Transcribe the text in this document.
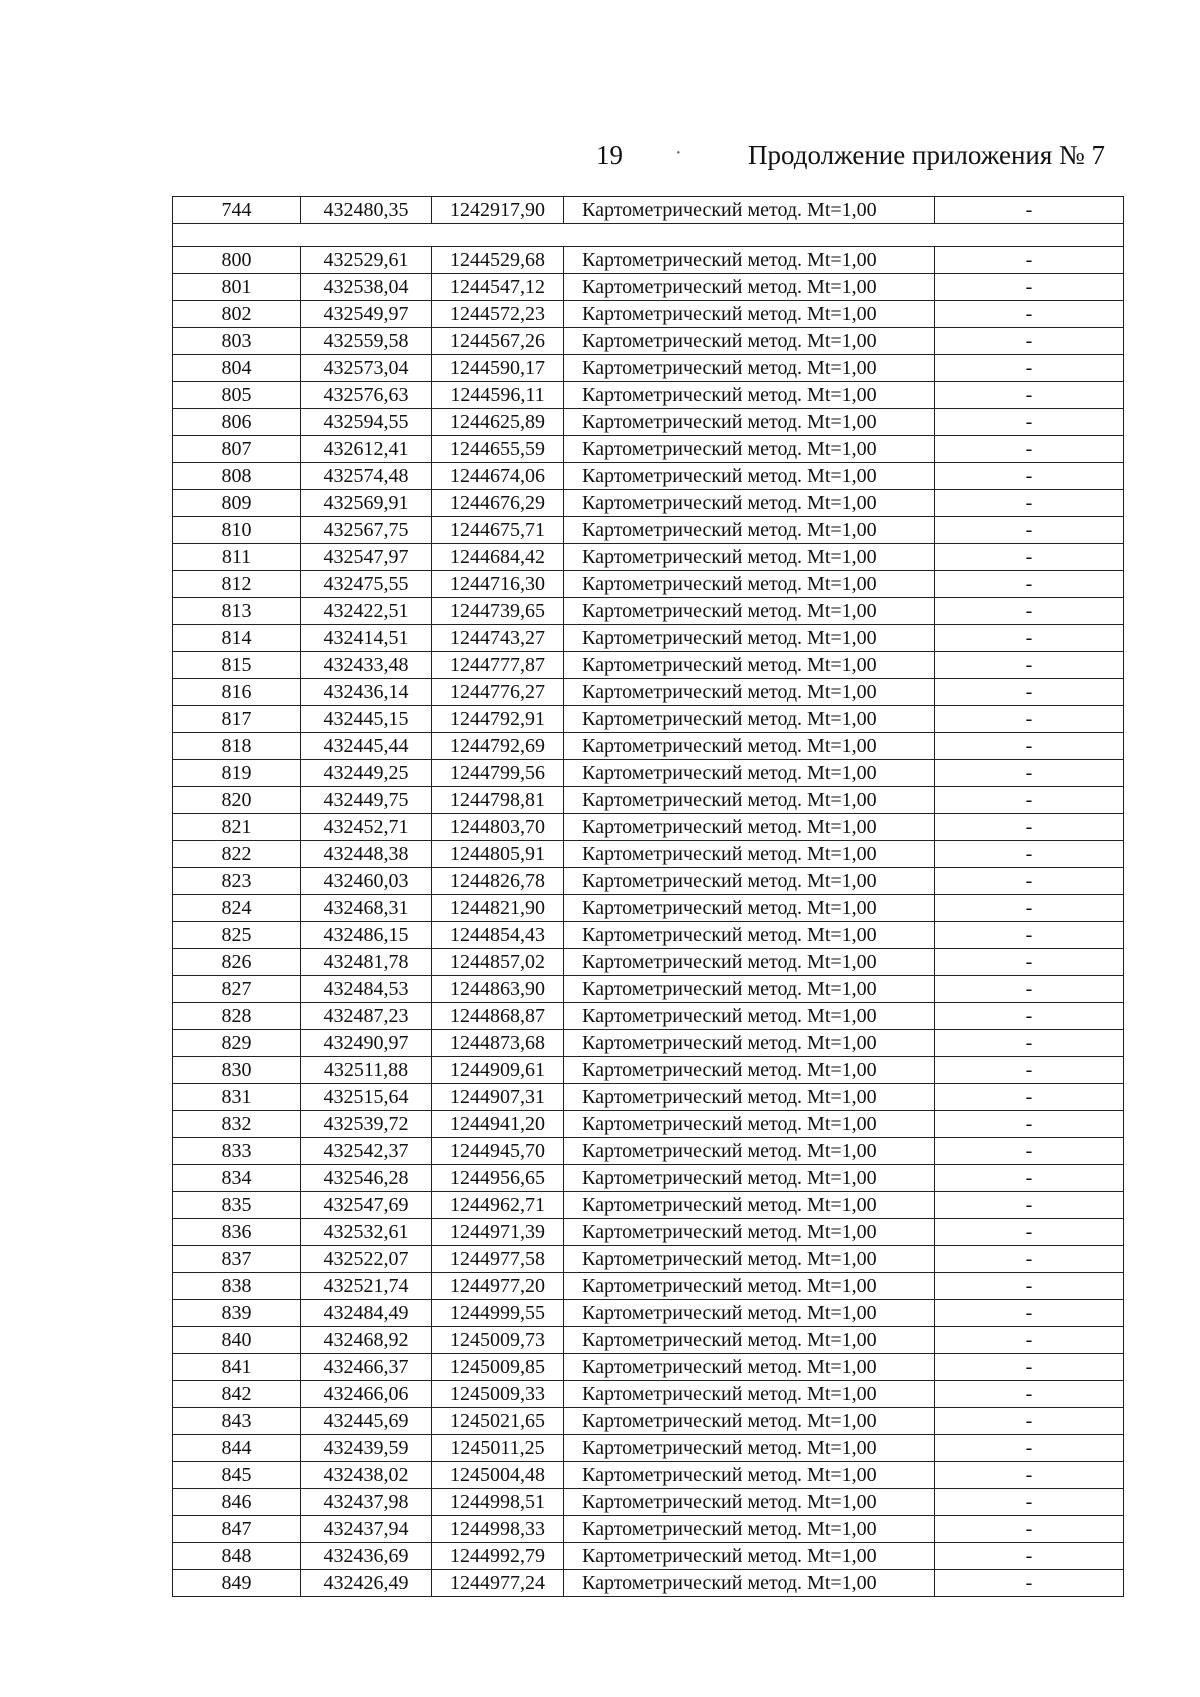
19	· Продолжение приложения № 7
744	432480,35	1242917,90	Картометрический метод. Mt=1,00	-

800	432529,61	1244529,68	Картометрический метод. Mt=1,00	-
801	432538,04	1244547,12	Картометрический метод. Mt=1,00	-
802	432549,97	1244572,23	Картометрический метод. Mt=1,00	-
803	432559,58	1244567,26	Картометрический метод. Mt=1,00	-
804	432573,04	1244590,17	Картометрический метод. Mt=1,00	-
805	432576,63	1244596,11	Картометрический метод. Mt=1,00	-
806	432594,55	1244625,89	Картометрический метод. Mt=1,00	-
807	432612,41	1244655,59	Картометрический метод. Mt=1,00	-
808	432574,48	1244674,06	Картометрический метод. Mt=1,00	-
809	432569,91	1244676,29	Картометрический метод. Mt=1,00	-
810	432567,75	1244675,71	Картометрический метод. Mt=1,00	-
811	432547,97	1244684,42	Картометрический метод. Mt=1,00	-
812	432475,55	1244716,30	Картометрический метод. Mt=1,00	-
813	432422,51	1244739,65	Картометрический метод. Mt=1,00	-
814	432414,51	1244743,27	Картометрический метод. Mt=1,00	-
815	432433,48	1244777,87	Картометрический метод. Mt=1,00	-
816	432436,14	1244776,27	Картометрический метод. Mt=1,00	-
817	432445,15	1244792,91	Картометрический метод. Mt=1,00	-
818	432445,44	1244792,69	Картометрический метод. Mt=1,00	-
819	432449,25	1244799,56	Картометрический метод. Mt=1,00	-
820	432449,75	1244798,81	Картометрический метод. Mt=1,00	-
821	432452,71	1244803,70	Картометрический метод. Mt=1,00	-
822	432448,38	1244805,91	Картометрический метод. Mt=1,00	-
823	432460,03	1244826,78	Картометрический метод. Mt=1,00	-
824	432468,31	1244821,90	Картометрический метод. Mt=1,00	-
825	432486,15	1244854,43	Картометрический метод. Mt=1,00	-
826	432481,78	1244857,02	Картометрический метод. Mt=1,00	-
827	432484,53	1244863,90	Картометрический метод. Mt=1,00	-
828	432487,23	1244868,87	Картометрический метод. Mt=1,00	-
829	432490,97	1244873,68	Картометрический метод. Mt=1,00	-
830	432511,88	1244909,61	Картометрический метод. Mt=1,00	-
831	432515,64	1244907,31	Картометрический метод. Mt=1,00	-
832	432539,72	1244941,20	Картометрический метод. Mt=1,00	-
833	432542,37	1244945,70	Картометрический метод. Mt=1,00	-
834	432546,28	1244956,65	Картометрический метод. Mt=1,00	-
835	432547,69	1244962,71	Картометрический метод. Mt=1,00	-
836	432532,61	1244971,39	Картометрический метод. Mt=1,00	-
837	432522,07	1244977,58	Картометрический метод. Mt=1,00	-
838	432521,74	1244977,20	Картометрический метод. Mt=1,00	-
839	432484,49	1244999,55	Картометрический метод. Mt=1,00	-
840	432468,92	1245009,73	Картометрический метод. Mt=1,00	-
841	432466,37	1245009,85	Картометрический метод. Mt=1,00	-
842	432466,06	1245009,33	Картометрический метод. Mt=1,00	-
843	432445,69	1245021,65	Картометрический метод. Mt=1,00	-
844	432439,59	1245011,25	Картометрический метод. Mt=1,00	-
845	432438,02	1245004,48	Картометрический метод. Mt=1,00	-
846	432437,98	1244998,51	Картометрический метод. Mt=1,00	-
847	432437,94	1244998,33	Картометрический метод. Mt=1,00	-
848	432436,69	1244992,79	Картометрический метод. Mt=1,00	-
849	432426,49	1244977,24	Картометрический метод. Mt=1,00	-
